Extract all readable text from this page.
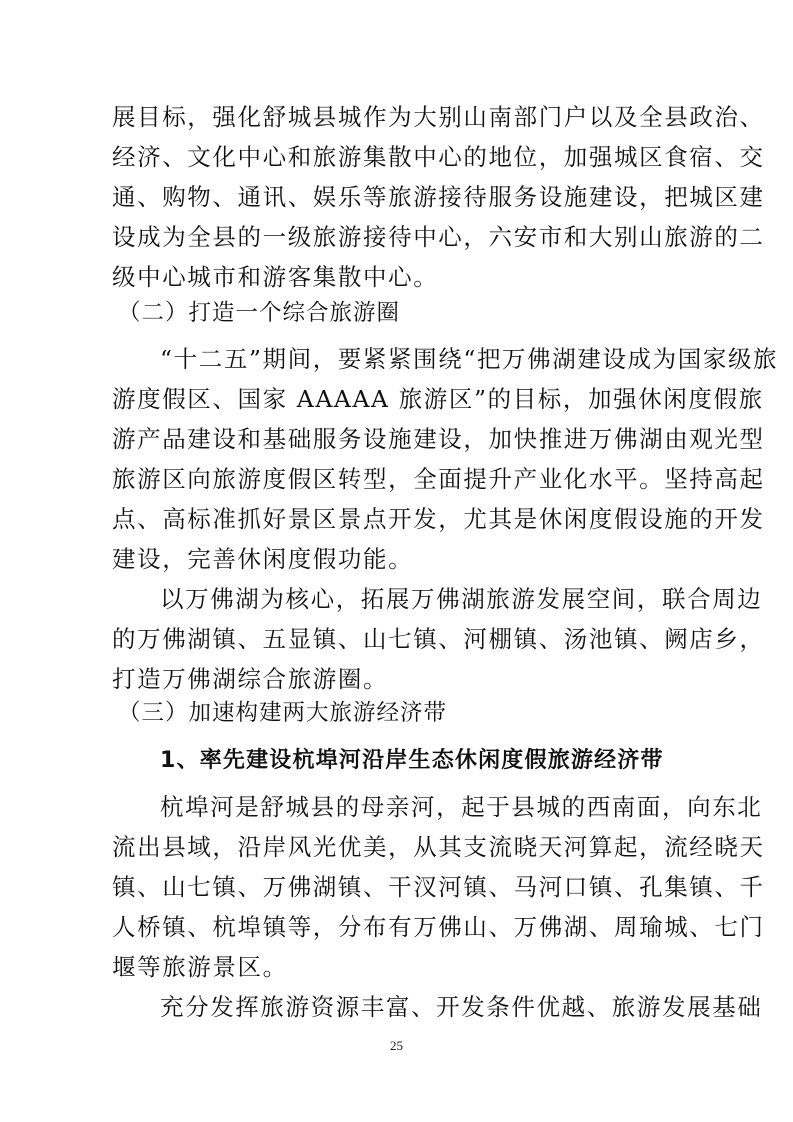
展目标，强化舒城县城作为大别山南部门户以及全县政治、
经济、文化中心和旅游集散中心的地位，加强城区食宿、交
通、购物、通讯、娱乐等旅游接待服务设施建设，把城区建
设成为全县的一级旅游接待中心，六安市和大别山旅游的二
级中心城市和游客集散中心。
（二）打造一个综合旅游圈
“十二五”期间，要紧紧围绕“把万佛湖建设成为国家级旅
游度假区、国家 AAAAA 旅游区”的目标，加强休闲度假旅
游产品建设和基础服务设施建设，加快推进万佛湖由观光型
旅游区向旅游度假区转型，全面提升产业化水平。坚持高起
点、高标准抓好景区景点开发，尤其是休闲度假设施的开发
建设，完善休闲度假功能。
以万佛湖为核心，拓展万佛湖旅游发展空间，联合周边
的万佛湖镇、五显镇、山七镇、河棚镇、汤池镇、阙店乡，
打造万佛湖综合旅游圈。
（三）加速构建两大旅游经济带
1、率先建设杭埠河沿岸生态休闲度假旅游经济带
杭埠河是舒城县的母亲河，起于县城的西南面，向东北
流出县域，沿岸风光优美，从其支流晓天河算起，流经晓天
镇、山七镇、万佛湖镇、干汊河镇、马河口镇、孔集镇、千
人桥镇、杭埠镇等，分布有万佛山、万佛湖、周瑜城、七门
堰等旅游景区。
充分发挥旅游资源丰富、开发条件优越、旅游发展基础
25
